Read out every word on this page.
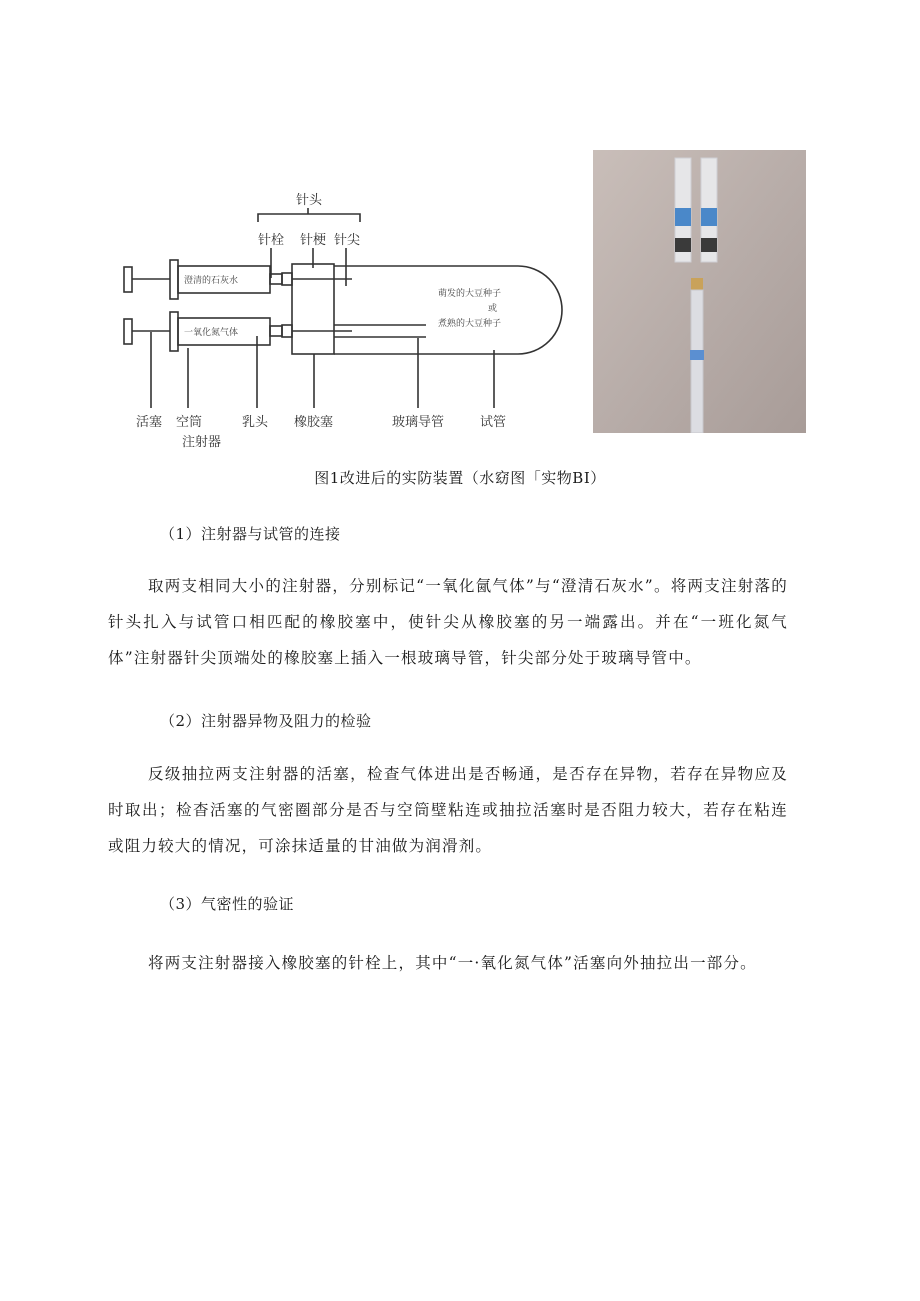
针头
针栓 针梗 针尖
澄清的石灰水
一氧化氮气体
萌发的大豆种子
或
煮熟的大豆种子
活塞 空筒	乳头 橡胶塞	玻璃导管	试管
注射器
图1改进后的实防装置（水窈图「实物BI）
（1）注射器与试管的连接
取两支相同大小的注射器，分别标记“一氧化氤气体”与“澄清石灰水”。将两支注射落的针头扎入与试管口相匹配的橡胶塞中，使针尖从橡胶塞的另一端露出。并在“一班化氮气体”注射器针尖顶端处的橡胶塞上插入一根玻璃导管，针尖部分处于玻璃导管中。
（2）注射器异物及阻力的检验
反级抽拉两支注射器的活塞，检查气体进出是否畅通，是否存在异物，若存在异物应及时取出；检杳活塞的气密圈部分是否与空筒壁粘连或抽拉活塞时是否阻力较大，若存在粘连或阻力较大的情况，可涂抹适量的甘油做为润滑剂。
（3）气密性的验证
将两支注射器接入橡胶塞的针栓上，其中“一·氧化氮气体”活塞向外抽拉出一部分。
